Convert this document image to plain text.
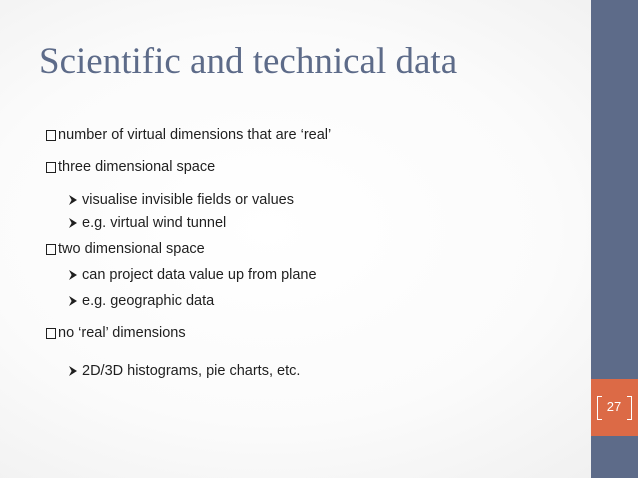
27
Scientific and technical data
number of virtual dimensions that are ‘real’
three dimensional space
visualise invisible fields or values
e.g. virtual wind tunnel
two dimensional space
can project data value up from plane
e.g. geographic data
no ‘real’ dimensions
2D/3D histograms, pie charts, etc.
